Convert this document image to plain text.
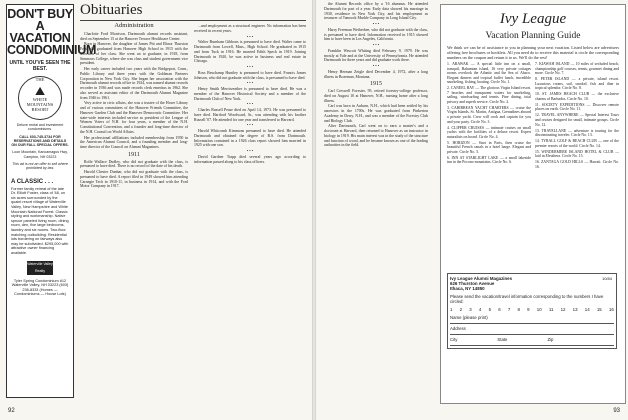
DON'T BUY A VACATION CONDOMINIUM
UNTIL YOU'VE SEEN THE BEST.
THE
⛰
WHITE MOUNTAINS
RESORT
Deluxe rental and investment condominiums.
CALL 603-745-3734 FOR RESERVATIONS AND DETAILS ON OUR FALL SPECIAL OFFERS.
Loon Mountain, Kancamagus Hwy, Campton, NH 03223
This ad is not an offer to sell where prohibited by law.
A CLASSIC . . .
Former family retreat of the late Dr. Elliott Foster, class of '48, on six acres surrounded by the quaint resort village of Waterville Valley, New Hampshire and White Mountain National Forest. Classic styling and workmanship. Native spruce paneled living room, dining room, den, five large bedrooms, laundry and six rooms. Two-floor matching outbuilding. Residential lots bordering on fairways also may be subdivided. $295,000 with attractive owner financing available.
Waterville Valley Realty
Tyler Spring Condominium #12 Waterville Valley, NH 03223 (603) 236-8333 (Homes — Condominiums — House Lots)
Obituaries
Administration

Charlotte Ford Morrison, Dartmouth alumni records assistant, died on September 15 at the Hanover Terrace Healthcare Center.

Born in Hanover, the daughter of James Pitt and Elinor Thurston Ford, she graduated from Hanover High School in 1915 with the selection of her class. She went on to graduate, in 1918, from Simmons College, where she was class and student government vice president.

Her early career included two years with the Bridgeport, Conn., Public Library and three years with the Goldman Partners Corporation in New York City. She began her association with the Dartmouth alumni records office in 1924, was named alumni records recorder in 1936 and was made records clerk emeritus in 1962. She also served as assistant editor of the Dartmouth Alumni Magazine from 1946 to 1961.

Very active in civic affairs, she was a trustee of the Howe Library and of various committees of the Hanover Friends Committee, the Hanover Garden Club and the Hanover Democratic Committee. Her state-wide interests included service as president of the League of Women Voters of N.H. for four years, a member of the N.H. Constitutional Convention, and a founder and long-time director of the N.H. Council on World Affairs.

Her professional affiliations included membership from 1950 in the American Alumni Council, and a founding member and long-time director of the Council on Alumni Magazines.

1911

Rolfe Wallace Dudley, who did not graduate with the class, is presumed to have died. There is no record of the date of his death.

Harold Chester Dunbar, who did not graduate with the class, is presumed to have died. A report filed in 1949 showed him attending Carnegie Tech in 1910-11, in business in 1914, and with the Ford Motor Company in 1917.

...and employment as a structural engineer. No information has been received in recent years.

• • •

Walter Burnham Gibbons is presumed to have died. Walter came to Dartmouth from Lowell, Mass., High School. He graduated in 1915 and from Tuck in 1916. He married Edith Speck in 1919. Joining Dartmouth in 1920, he was active in business and real estate in Chicago.

• • •

Ross Beuchamp Huntley is presumed to have died. Francis James Johnson, who did not graduate with the class, is presumed to have died.

• • •

Henry Smith Merriweather is presumed to have died. He was a member of the Hanover Historical Society and a member of the Dartmouth Club of New York.

• • •

Charles Russell Pease died on April 14, 1973. He was presumed to have died. Hartford Woodward, Sr., was attending with his brother Russell '07. He attended for one year and transferred to Harvard.

• • •

Harold Whitcomb Kimmons presumed to have died. He attended Dartmouth and obtained the degree of B.S. from Dartmouth. Information contained in a 1926 class report showed him married in 1925 with one son.

• • •

David Gardner Trapp died several years ago according to information passed along to his class officers.

92

the Alumni Records office by a '16 alumnus. He attended Dartmouth for part of a year. Early data showed his marriage in 1930, residence in New York City, and his employment as treasurer of Tamrock Marble Company in Long Island City.

• • •

Harry Freeman Wetherbee, who did not graduate with the class, is presumed to have died. Information received in 1915 showed him to have been in Los Angeles, California.

• • •

Franklin Wescott Whiting died February 9, 1979. He was mostly at Yale and at the University of Pennsylvania. He attended Dartmouth for three years and did graduate work there.

• • •

Henry Herman Zeigle died December 4, 1972, after a long illness in Bozeman, Montana.

1915

Carl Creswell Forester, 95, retired forestry-college professor, died on August 10 at Hanover, N.H., nursing home after a long illness.

Carl was born in Auburn, N.H., which had been settled by his ancestors in the 1700s. He was graduated from Pinkerton Academy in Derry, N.H., and was a member of the Forestry Club and Biology Club.

After Dartmouth, Carl went on to earn a master's and a doctorate at Harvard, then returned to Hanover as an instructor in biology in 1919. His main interest was in the study of the structure and function of wood, and he became known as one of the leading authorities in the field.

Ivy League
Vacation Planning Guide
We think we can be of assistance to you in planning your next vacation. Listed below are advertisers offering free brochures or booklets. All you need do to receive this material is circle the corresponding numbers on the coupon and return it to us. We'll do the rest!

1. ARAWAK — A special little inn on a small, tranquil, Bahamian island, 16 very private cottages rooms overlook the Atlantic and the Sea of Abaco. Elegant dinners and tropical buffet lunch, incredible snorkeling, fishing, boating. Circle No. 1.

2. CANEEL BAY — The glorious Virgin Island resort. 7 beaches and transparent waters for snorkeling, sailing, windsurfing and tennis. Fine dining, total privacy and superb service. Circle No. 2.

3. CARIBBEAN YACHT CHARTERS — cruise the Virgin Islands, St. Martin, Antigua, Grenadines aboard a private yacht. Crew will cook and captain for you and your party. Circle No. 3.

4. CLIPPER CRUISES — intimate cruises on small yachts with the facilities of a deluxe resort. Expert naturalists on board. Circle No. 4.

5. HORIZON — Start in Paris, then cruise the beautiful French canals in a hotel barge. Elegant and private. Circle No. 5.

6. INN AT STARLIGHT LAKE — a small lakeside inn in the Pocono mountains. Circle No. 6.

7. KIAWAH ISLAND — 10 miles of secluded beach, championship golf courses, tennis, gourmet dining and more. Circle No. 7.

8. PETER ISLAND — a private, island resort. Luxurious rooms, sail, snorkel, fish and dine in tropical splendor. Circle No. 8.

10. ST. JAMES BEACH CLUB — the exclusive charms of Barbados. Circle No. 10.

11. SOCIETY EXPEDITIONS — Discover remote places on earth. Circle No. 11.

12. TRAVEL ANYWHERE — Special Interest Tours and cruises designed for small, intimate groups. Circle No. 12.

13. TRAVELLANE — adventure is touring for the discriminating traveler. Circle No. 13.

14. TYRALL GOLF & BEACH CLUB — one of the premier resorts of the world. Circle No. 14.

15. WINDERMERE ISLAND HOTEL & CLUB — laid in Eleuthera. Circle No. 15.

16. ZANTAGA GOLD HILLS — Hawaii. Circle No. 16.

10/84
Ivy League Alumni Magazines
626 Thurston Avenue
Ithaca, NY 14850
Please send the vacation/travel information corresponding to the numbers I have circled:
1 2 3 4 5 6 7 8 9 10 11 12 13 14 15 16
Name (please print)
Address
City	State	Zip
93
